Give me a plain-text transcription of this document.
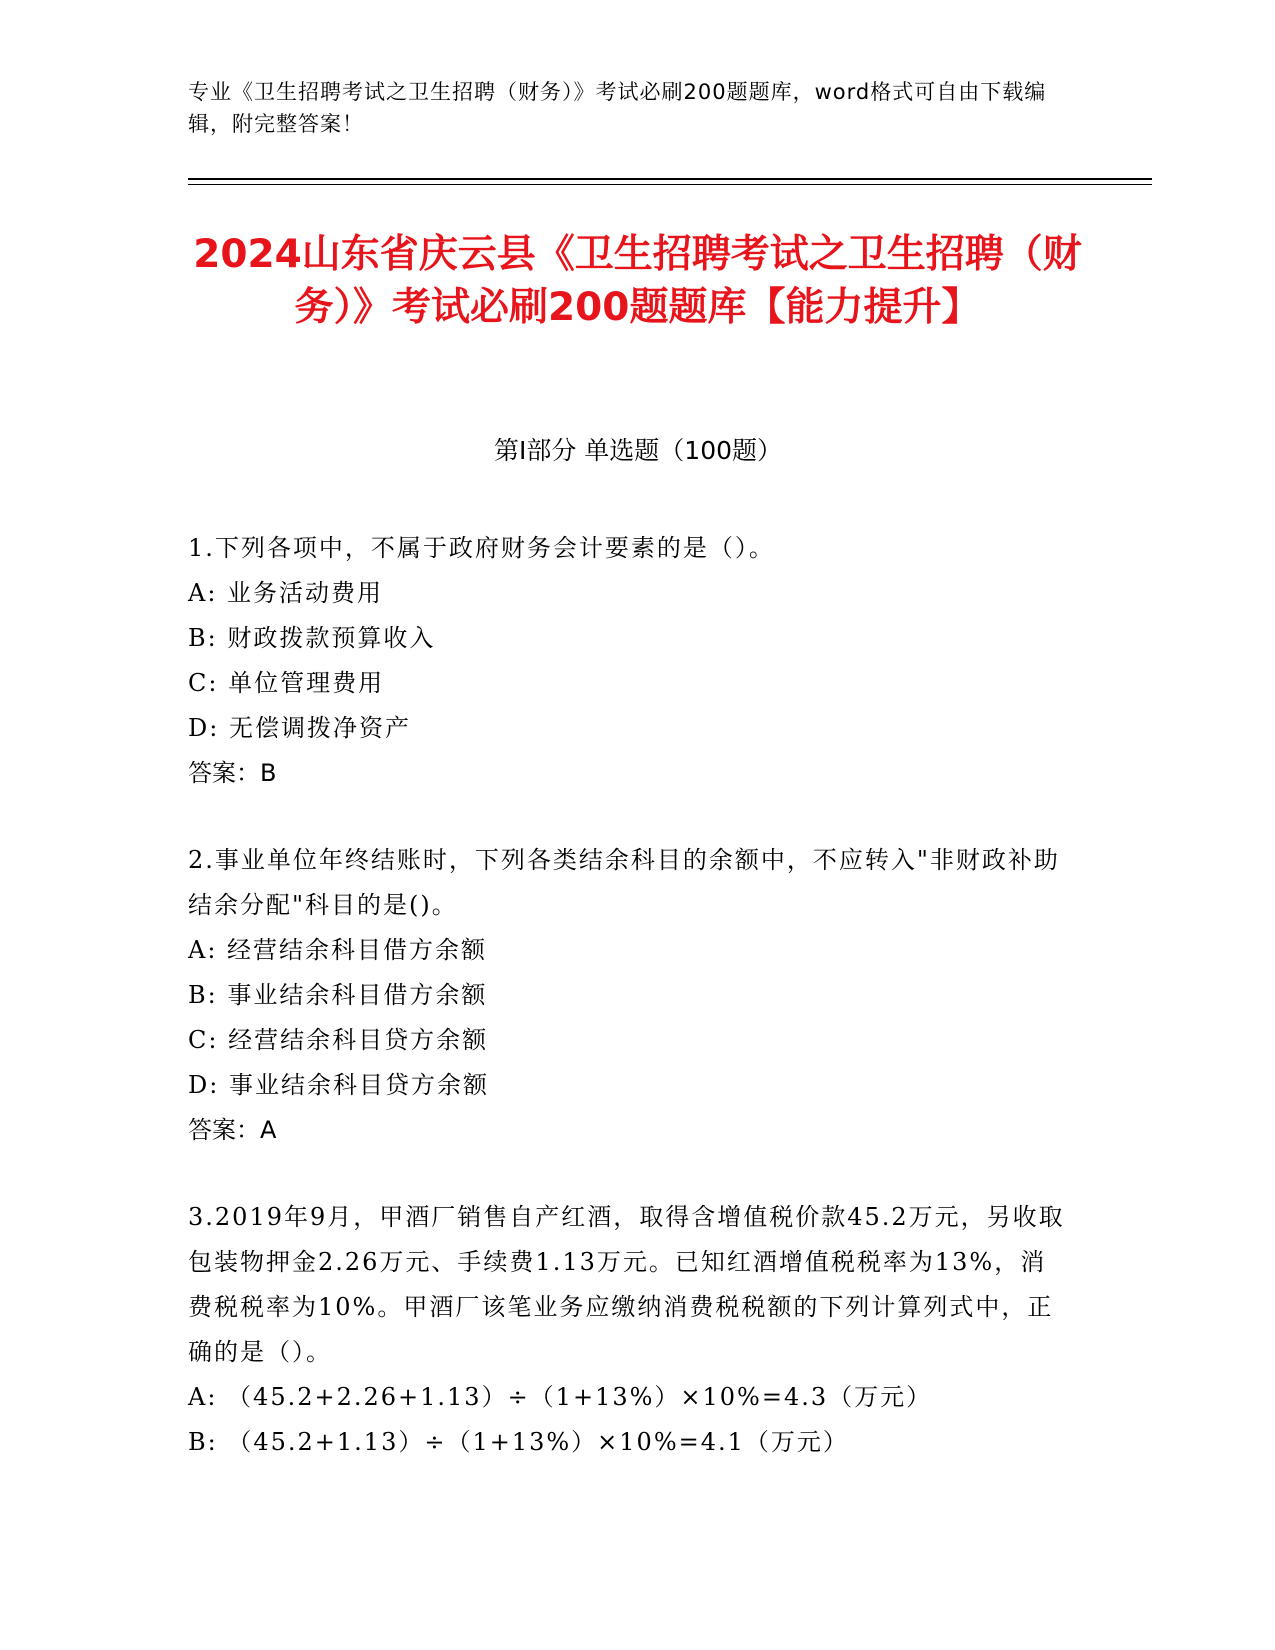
专业《卫生招聘考试之卫生招聘（财务）》考试必刷200题题库，word格式可自由下载编辑，附完整答案！
2024山东省庆云县《卫生招聘考试之卫生招聘（财务）》考试必刷200题题库【能力提升】
第Ⅰ部分 单选题（100题）

1.下列各项中，不属于政府财务会计要素的是（）。

A: 业务活动费用

B: 财政拨款预算收入

C: 单位管理费用

D: 无偿调拨净资产

答案：B

2.事业单位年终结账时，下列各类结余科目的余额中，不应转入"非财政补助结余分配"科目的是()。

A: 经营结余科目借方余额

B: 事业结余科目借方余额

C: 经营结余科目贷方余额

D: 事业结余科目贷方余额

答案：A

3.2019年9月，甲酒厂销售自产红酒，取得含增值税价款45.2万元，另收取包装物押金2.26万元、手续费1.13万元。已知红酒增值税税率为13%，消费税税率为10%。甲酒厂该笔业务应缴纳消费税税额的下列计算列式中，正确的是（）。

A: （45.2+2.26+1.13）÷（1+13%）×10%=4.3（万元）

B: （45.2+1.13）÷（1+13%）×10%=4.1（万元）
